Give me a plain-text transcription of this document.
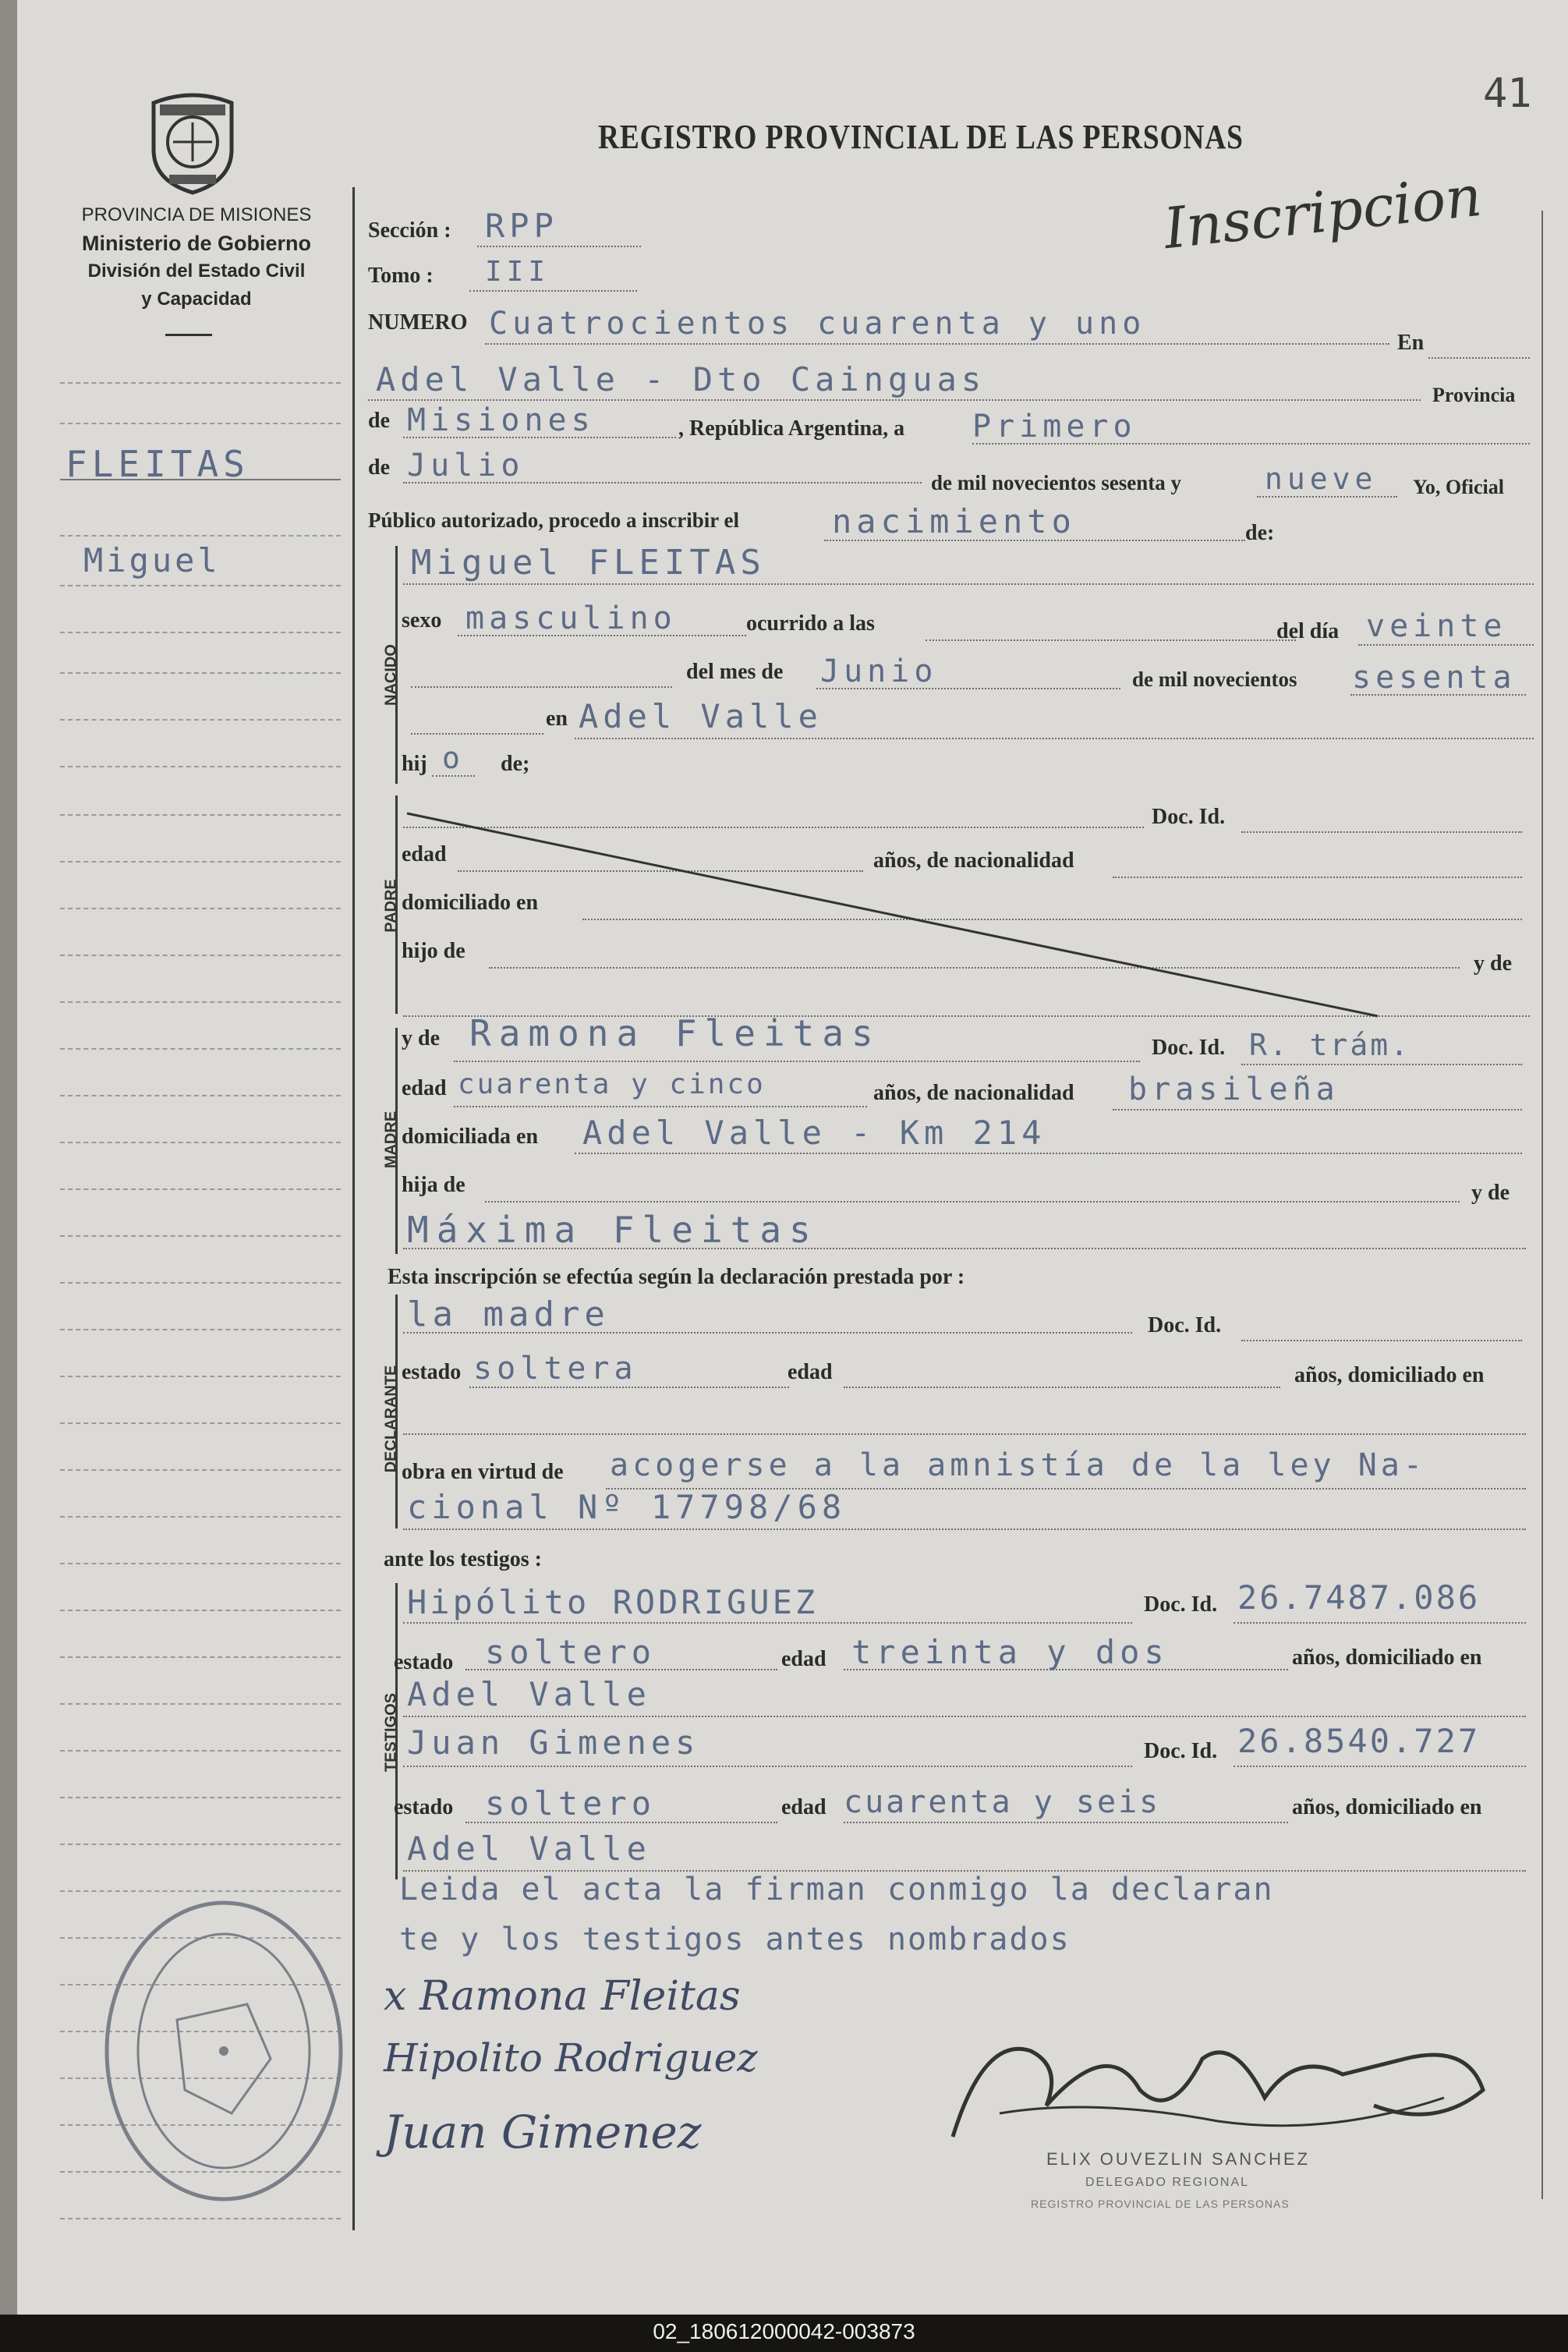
41
PROVINCIA DE MISIONES
Ministerio de Gobierno
División del Estado Civil
y Capacidad
REGISTRO PROVINCIAL DE LAS PERSONAS
Inscripcion
FLEITAS
Miguel
Sección : RPP
Tomo : III
NUMERO Cuatrocientos cuarenta y uno
En
Adel Valle - Dto Cainguas	Provincia
de Misiones	, República Argentina, a Primero
de Julio	de mil novecientos sesenta y	nueve Yo, Oficial
Público autorizado, procedo a inscribir el	nacimiento	de:
NACIDO
Miguel FLEITAS
sexo masculino	ocurrido a las	del día veinte
del mes de Junio	de mil novecientos sesenta
en Adel Valle
hij o de;
PADRE
Doc. Id.
edad	años, de nacionalidad
domiciliado en
hijo de
y de
MADRE
y de Ramona Fleitas	Doc. Id. R. trám.
edad cuarenta y cinco	años, de nacionalidad brasileña
domiciliada en Adel Valle - Km 214
hija de	y de
Máxima Fleitas
Esta inscripción se efectúa según la declaración prestada por :
DECLARANTE
la madre	Doc. Id.
estado soltera	edad	años, domiciliado en
obra en virtud de acogerse a la amnistía de la ley Na-
cional Nº 17798/68
ante los testigos :
TESTIGOS
Hipólito RODRIGUEZ	Doc. Id. 26.7487.086
estado soltero	edad treinta y dos	años, domiciliado en
Adel Valle
Juan Gimenes	Doc. Id. 26.8540.727
estado soltero	edad cuarenta y seis	años, domiciliado en
Adel Valle
Leida el acta la firman conmigo la declaran
te y los testigos antes nombrados
x Ramona Fleitas
Hipolito Rodriguez
Juan Gimenez
ELIX OUVEZLIN SANCHEZ
DELEGADO REGIONAL
REGISTRO PROVINCIAL DE LAS PERSONAS
02_180612000042-003873
